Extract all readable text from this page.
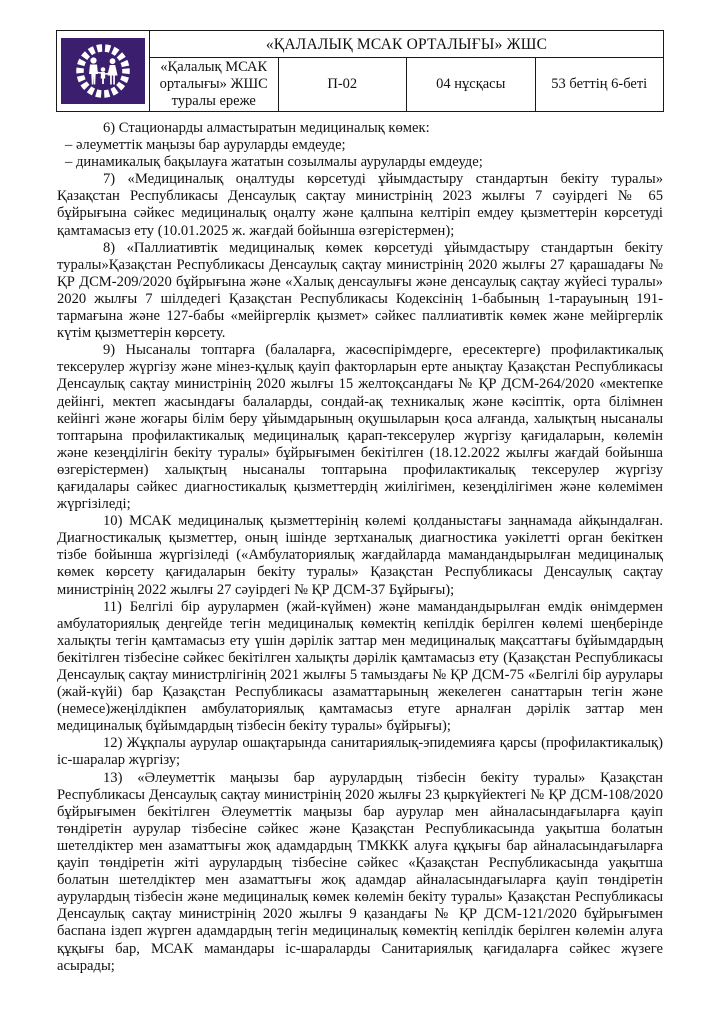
	«ҚАЛАЛЫҚ МСАК ОРТАЛЫҒЫ» ЖШС			
	«Қалалық МСАК орталығы» ЖШС туралы ереже	П-02	04 нұсқасы	53 беттің 6-беті

6) Стационарды алмастыратын медициналық көмек:

– әлеуметтік маңызы бар ауруларды емдеуде;

– динамикалық бақылауға жататын созылмалы ауруларды емдеуде;

7) «Медициналық оңалтуды көрсетуді ұйымдастыру стандартын бекіту туралы» Қазақстан Республикасы Денсаулық сақтау министрінің 2023 жылғы 7 сәуірдегі № 65 бұйрығына сәйкес медициналық оңалту және қалпына келтіріп емдеу қызметтерін көрсетуді қамтамасыз ету (10.01.2025 ж. жағдай бойынша өзгерістермен);

8) «Паллиативтік медициналық көмек көрсетуді ұйымдастыру стандартын бекіту туралы»Қазақстан Республикасы Денсаулық сақтау министрінің 2020 жылғы 27 қарашадағы № ҚР ДСМ-209/2020 бұйрығына және «Халық денсаулығы және денсаулық сақтау жүйесі туралы» 2020 жылғы 7 шілдедегі Қазақстан Республикасы Кодексінің 1-бабының 1-тарауының 191-тармағына және 127-бабы «мейіргерлік қызмет» сәйкес паллиативтік көмек және мейіргерлік күтім қызметтерін көрсету.

9) Нысаналы топтарға (балаларға, жасөспірімдерге, ересектерге) профилактикалық тексерулер жүргізу және мінез-құлық қауіп факторларын ерте анықтау Қазақстан Республикасы Денсаулық сақтау министрінің 2020 жылғы 15 желтоқсандағы № ҚР ДСМ-264/2020 «мектепке дейінгі, мектеп жасындағы балаларды, сондай-ақ техникалық және кәсіптік, орта білімнен кейінгі және жоғары білім беру ұйымдарының оқушыларын қоса алғанда, халықтың нысаналы топтарына профилактикалық медициналық қарап-тексерулер жүргізу қағидаларын, көлемін және кезеңділігін бекіту туралы» бұйрығымен бекітілген (18.12.2022 жылғы жағдай бойынша өзгерістермен) халықтың нысаналы топтарына профилактикалық тексерулер жүргізу қағидалары сәйкес диагностикалық қызметтердің жиілігімен, кезеңділігімен және көлемімен жүргізіледі;

10) МСАК медициналық қызметтерінің көлемі қолданыстағы заңнамада айқындалған. Диагностикалық қызметтер, оның ішінде зертханалық диагностика уәкілетті орган бекіткен тізбе бойынша жүргізіледі («Амбулаториялық жағдайларда мамандандырылған медициналық көмек көрсету қағидаларын бекіту туралы» Қазақстан Республикасы Денсаулық сақтау министрінің 2022 жылғы 27 сәуірдегі № ҚР ДСМ-37 Бұйрығы);

11) Белгілі бір аурулармен (жай-күймен) және мамандандырылған емдік өнімдермен амбулаториялық деңгейде тегін медициналық көмектің кепілдік берілген көлемі шеңберінде халықты тегін қамтамасыз ету үшін дәрілік заттар мен медициналық мақсаттағы бұйымдардың бекітілген тізбесіне сәйкес бекітілген халықты дәрілік қамтамасыз ету (Қазақстан Республикасы Денсаулық сақтау министрлігінің 2021 жылғы 5 тамыздағы № ҚР ДСМ-75 «Белгілі бір аурулары (жай-күйі) бар Қазақстан Республикасы азаматтарының жекелеген санаттарын тегін және (немесе)жеңілдікпен амбулаториялық қамтамасыз етуге арналған дәрілік заттар мен медициналық бұйымдардың тізбесін бекіту туралы» бұйрығы);

12) Жұқпалы аурулар ошақтарында санитариялық-эпидемияға қарсы (профилактикалық) іс-шаралар жүргізу;

13) «Әлеуметтік маңызы бар аурулардың тізбесін бекіту туралы» Қазақстан Республикасы Денсаулық сақтау министрінің 2020 жылғы 23 қыркүйектегі № ҚР ДСМ-108/2020 бұйрығымен бекітілген Әлеуметтік маңызы бар аурулар мен айналасындағыларға қауіп төндіретін аурулар тізбесіне сәйкес және Қазақстан Республикасында уақытша болатын шетелдіктер мен азаматтығы жоқ адамдардың ТМККК алуға құқығы бар айналасындағыларға қауіп төндіретін жіті аурулардың тізбесіне сәйкес «Қазақстан Республикасында уақытша болатын шетелдіктер мен азаматтығы жоқ адамдар айналасындағыларға қауіп төндіретін аурулардың тізбесін және медициналық көмек көлемін бекіту туралы» Қазақстан Республикасы Денсаулық сақтау министрінің 2020 жылғы 9 қазандағы № ҚР ДСМ-121/2020 бұйрығымен баспана іздеп жүрген адамдардың тегін медициналық көмектің кепілдік берілген көлемін алуға құқығы бар, МСАК мамандары іс-шараларды Санитариялық қағидаларға сәйкес жүзеге асырады;
